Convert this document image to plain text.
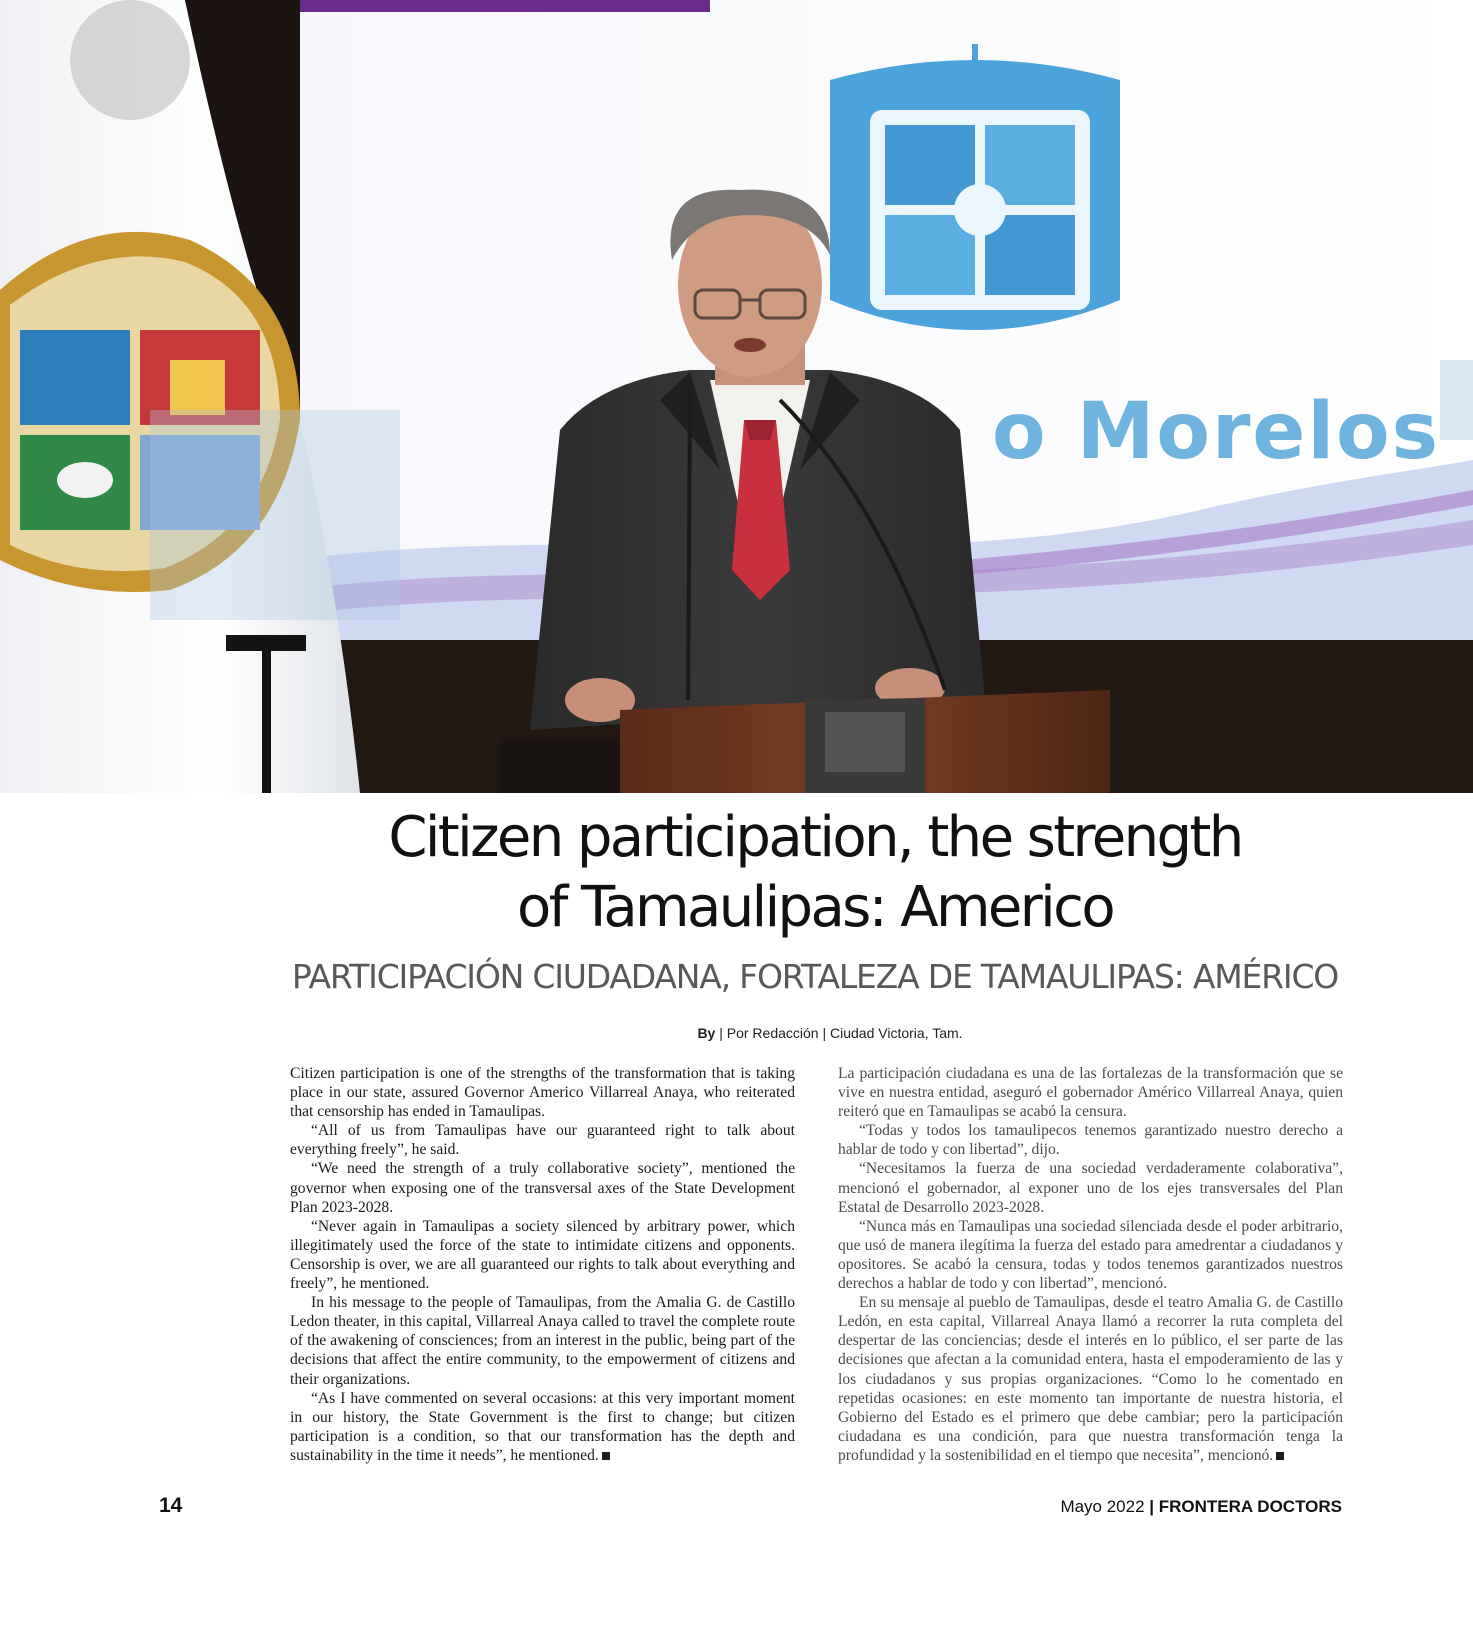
o Morelos
Citizen participation, the strength
of Tamaulipas: Americo
PARTICIPACIÓN CIUDADANA, FORTALEZA DE TAMAULIPAS: AMÉRICO
By | Por Redacción | Ciudad Victoria, Tam.

Citizen participation is one of the strengths of the transformation that is taking place in our state, assured Governor Americo Villarreal Anaya, who reiterated that censorship has ended in Tamaulipas.

“All of us from Tamaulipas have our guaranteed right to talk about everything freely”, he said.

“We need the strength of a truly collaborative society”, mentioned the governor when exposing one of the transversal axes of the State Development Plan 2023-2028.

“Never again in Tamaulipas a society silenced by arbitrary power, which illegitimately used the force of the state to intimidate citizens and opponents. Censorship is over, we are all guaranteed our rights to talk about everything and freely”, he mentioned.

In his message to the people of Tamaulipas, from the Amalia G. de Castillo Ledon theater, in this capital, Villarreal Anaya called to travel the complete route of the awakening of consciences; from an interest in the public, being part of the decisions that affect the entire community, to the empowerment of citizens and their organizations.

“As I have commented on several occasions: at this very important moment in our history, the State Government is the first to change; but citizen participation is a condition, so that our transformation has the depth and sustainability in the time it needs”, he mentioned.

La participación ciudadana es una de las fortalezas de la transformación que se vive en nuestra entidad, aseguró el gobernador Américo Villarreal Anaya, quien reiteró que en Tamaulipas se acabó la censura.

“Todas y todos los tamaulipecos tenemos garantizado nuestro derecho a hablar de todo y con libertad”, dijo.

“Necesitamos la fuerza de una sociedad verdaderamente colaborativa”, mencionó el gobernador, al exponer uno de los ejes transversales del Plan Estatal de Desarrollo 2023-2028.

“Nunca más en Tamaulipas una sociedad silenciada desde el poder arbitrario, que usó de manera ilegítima la fuerza del estado para amedrentar a ciudadanos y opositores. Se acabó la censura, todas y todos tenemos garantizados nuestros derechos a hablar de todo y con libertad”, mencionó.

En su mensaje al pueblo de Tamaulipas, desde el teatro Amalia G. de Castillo Ledón, en esta capital, Villarreal Anaya llamó a recorrer la ruta completa del despertar de las conciencias; desde el interés en lo público, el ser parte de las decisiones que afectan a la comunidad entera, hasta el empoderamiento de las y los ciudadanos y sus propias organizaciones. “Como lo he comentado en repetidas ocasiones: en este momento tan importante de nuestra historia, el Gobierno del Estado es el primero que debe cambiar; pero la participación ciudadana es una condición, para que nuestra transformación tenga la profundidad y la sostenibilidad en el tiempo que necesita”, mencionó.

14	Mayo 2022 | FRONTERA DOCTORS
